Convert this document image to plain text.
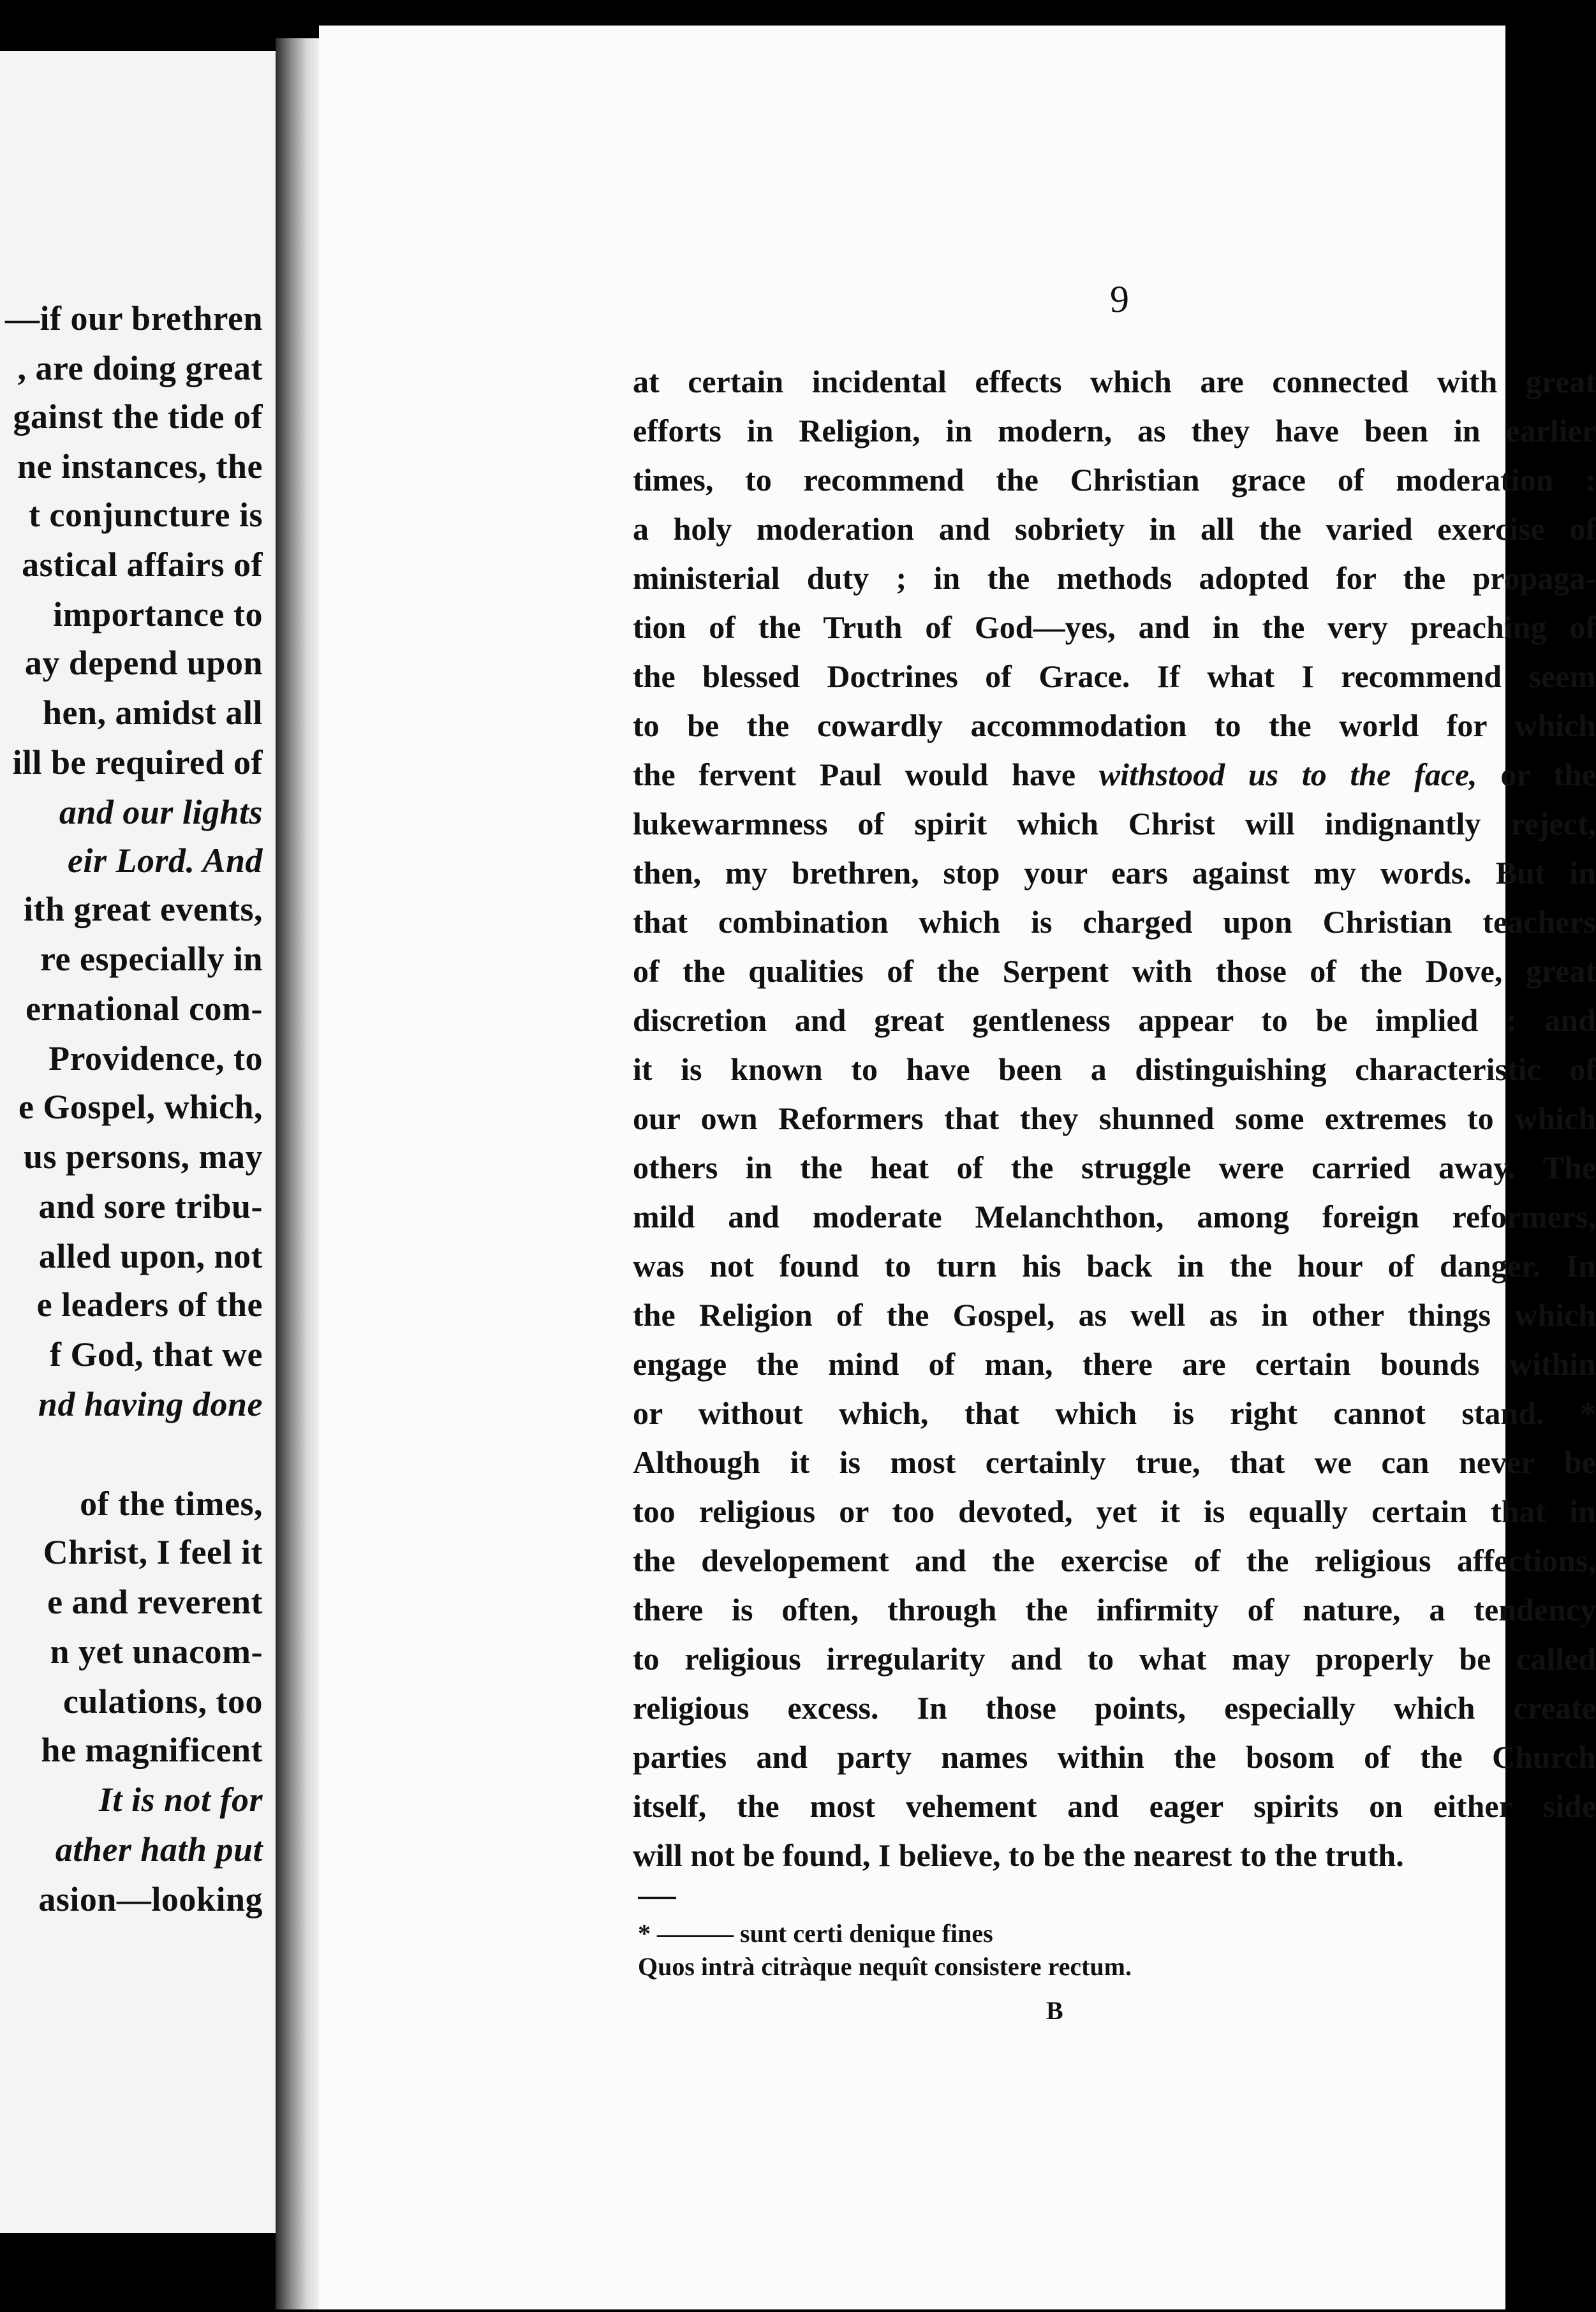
—if our brethren
, are doing great
gainst the tide of
ne instances, the
t conjuncture is
astical affairs of
importance to
ay depend upon
hen, amidst all
ill be required of
and our lights
eir Lord. And
ith great events,
re especially in
ernational com-
Providence, to
e Gospel, which,
us persons, may
and sore tribu-
alled upon, not
e leaders of the
f God, that we
nd having done
of the times,
Christ, I feel it
e and reverent
n yet unacom-
culations, too
he magnificent
It is not for
ather hath put
asion—looking
9
at certain incidental effects which are connected with great
efforts in Religion, in modern, as they have been in earlier
times, to recommend the Christian grace of moderation :
a holy moderation and sobriety in all the varied exercise of
ministerial duty ; in the methods adopted for the propaga-
tion of the Truth of God—yes, and in the very preaching of
the blessed Doctrines of Grace. If what I recommend seem
to be the cowardly accommodation to the world for which
the fervent Paul would have withstood us to the face, or the
lukewarmness of spirit which Christ will indignantly reject,
then, my brethren, stop your ears against my words. But in
that combination which is charged upon Christian teachers
of the qualities of the Serpent with those of the Dove, great
discretion and great gentleness appear to be implied : and
it is known to have been a distinguishing characteristic of
our own Reformers that they shunned some extremes to which
others in the heat of the struggle were carried away. The
mild and moderate Melanchthon, among foreign reformers,
was not found to turn his back in the hour of danger. In
the Religion of the Gospel, as well as in other things which
engage the mind of man, there are certain bounds within
or without which, that which is right cannot stand. *
Although it is most certainly true, that we can never be
too religious or too devoted, yet it is equally certain that in
the developement and the exercise of the religious affections,
there is often, through the infirmity of nature, a tendency
to religious irregularity and to what may properly be called
religious excess. In those points, especially which create
parties and party names within the bosom of the Church
itself, the most vehement and eager spirits on either side
will not be found, I believe, to be the nearest to the truth.
* ——— sunt certi denique fines
Quos intrà citràque nequît consistere rectum.
B
